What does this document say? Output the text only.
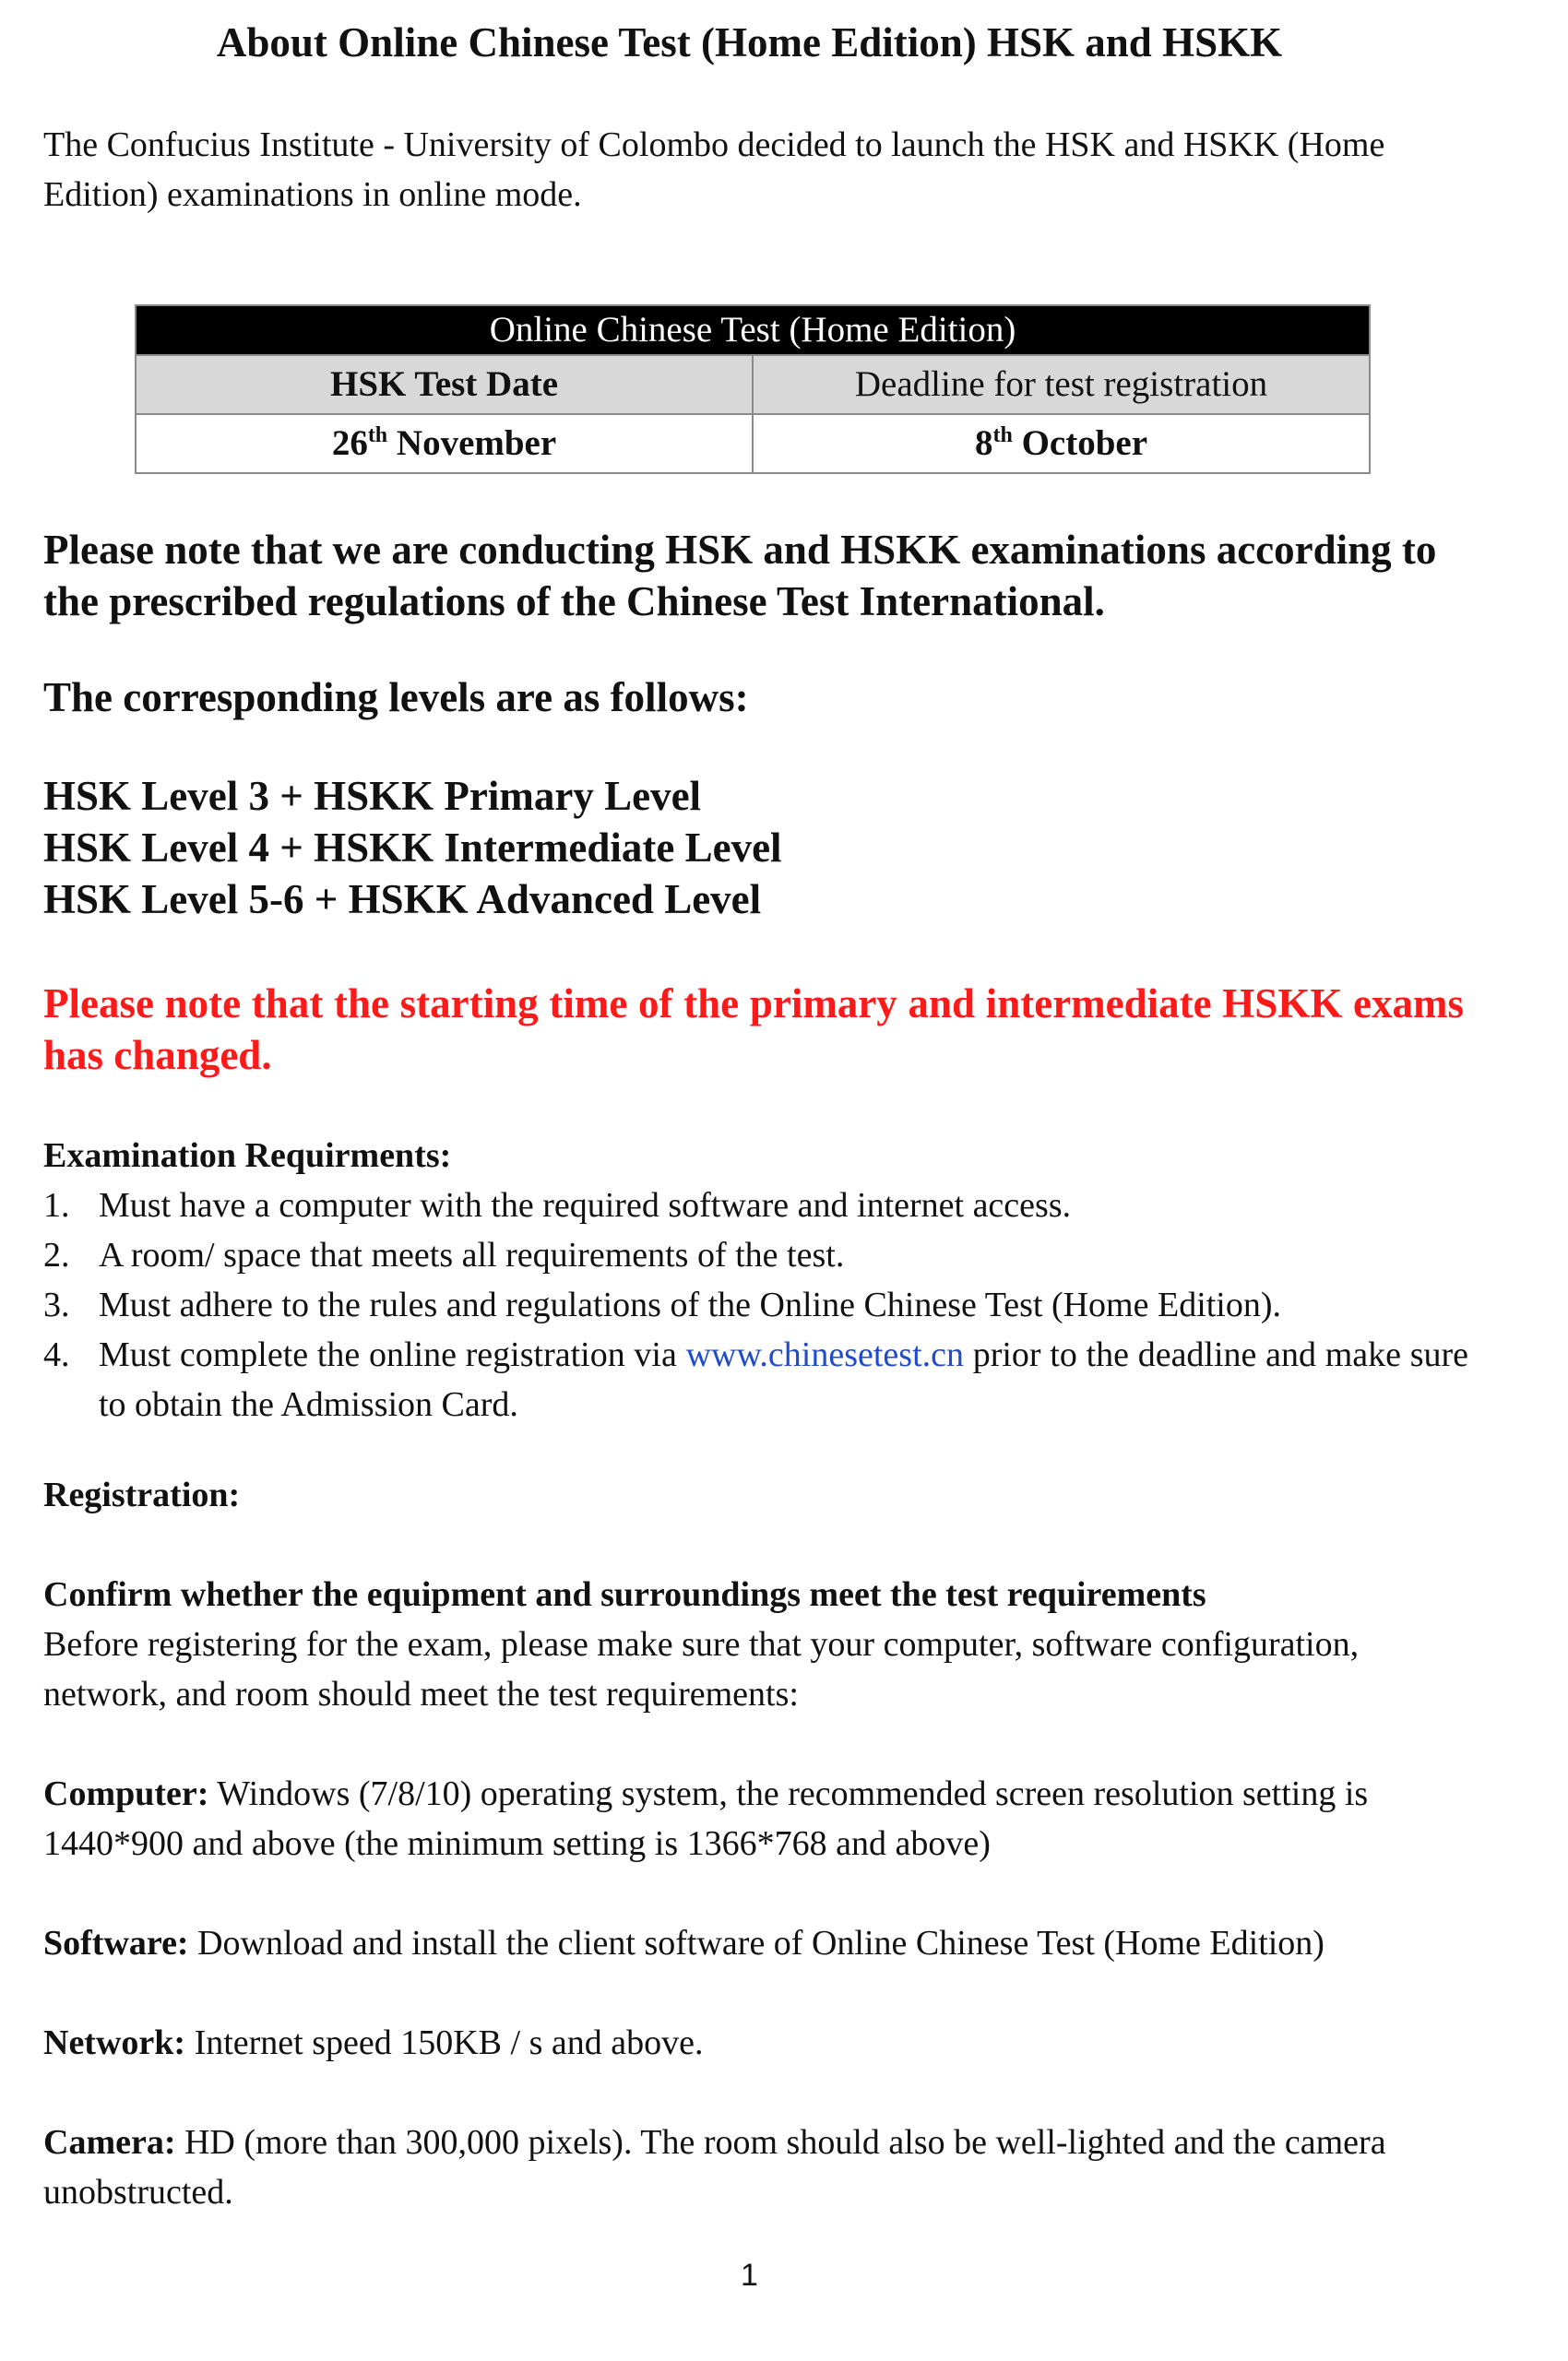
About Online Chinese Test (Home Edition) HSK and HSKK
The Confucius Institute - University of Colombo decided to launch the HSK and HSKK (Home Edition) examinations in online mode.
Online Chinese Test (Home Edition)
HSK Test Date	Deadline for test registration
26th November	8th October
Please note that we are conducting HSK and HSKK examinations according to the prescribed regulations of the Chinese Test International.
The corresponding levels are as follows:
HSK Level 3 + HSKK Primary Level
HSK Level 4 + HSKK Intermediate Level
HSK Level 5-6 + HSKK Advanced Level
Please note that the starting time of the primary and intermediate HSKK exams has changed.
Examination Requirments:
1. Must have a computer with the required software and internet access.
2. A room/ space that meets all requirements of the test.
3. Must adhere to the rules and regulations of the Online Chinese Test (Home Edition).
4. Must complete the online registration via www.chinesetest.cn prior to the deadline and make sure to obtain the Admission Card.
Registration:
Confirm whether the equipment and surroundings meet the test requirements
Before registering for the exam, please make sure that your computer, software configuration, network, and room should meet the test requirements:
Computer: Windows (7/8/10) operating system, the recommended screen resolution setting is 1440*900 and above (the minimum setting is 1366*768 and above)
Software: Download and install the client software of Online Chinese Test (Home Edition)
Network: Internet speed 150KB / s and above.
Camera: HD (more than 300,000 pixels). The room should also be well-lighted and the camera unobstructed.
1
